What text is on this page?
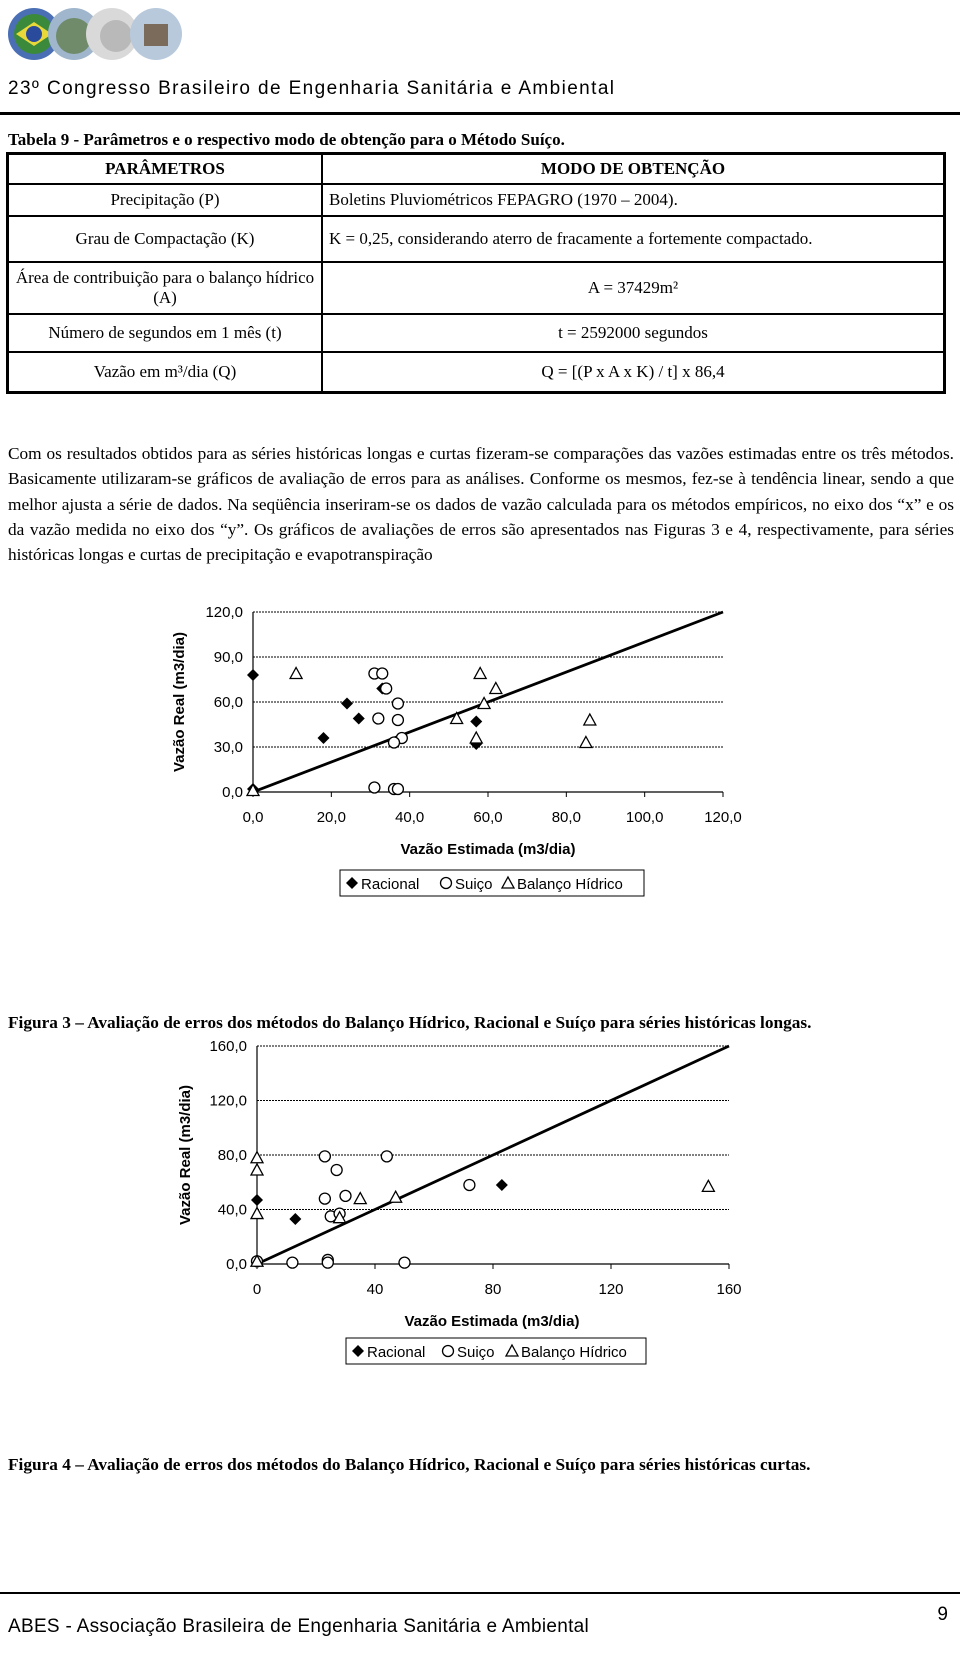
23º Congresso Brasileiro de Engenharia Sanitária e Ambiental
Tabela 9 - Parâmetros e o respectivo modo de obtenção para o Método Suíço.
PARÂMETROS	MODO DE OBTENÇÃO
Precipitação (P)	Boletins Pluviométricos FEPAGRO (1970 – 2004).
Grau de Compactação (K)	K = 0,25, considerando aterro de fracamente a fortemente compactado.
Área de contribuição para o balanço hídrico (A)	A = 37429m²
Número de segundos em 1 mês (t)	t = 2592000 segundos
Vazão em m³/dia (Q)	Q = [(P x A x K) / t] x 86,4
Com os resultados obtidos para as séries históricas longas e curtas fizeram-se comparações das vazões estimadas entre os três métodos. Basicamente utilizaram-se gráficos de avaliação de erros para as análises. Conforme os mesmos, fez-se à tendência linear, sendo a que melhor ajusta a série de dados. Na seqüência inseriram-se os dados de vazão calculada para os métodos empíricos, no eixo dos “x” e os da vazão medida no eixo dos “y”. Os gráficos de avaliações de erros são apresentados nas Figuras 3 e 4, respectivamente, para séries históricas longas e curtas de precipitação e evapotranspiração
0,0
30,0
60,0
90,0
120,0
0,0	20,0	40,0	60,0	80,0	100,0	120,0
Vazão Estimada (m3/dia)
Vazão Real (m3/dia)
Racional Suiço Balanço Hídrico
Figura 3 – Avaliação de erros dos métodos do Balanço Hídrico, Racional e Suíço para séries históricas longas.
0,0
40,0
80,0
120,0
160,0
0	40	80	120	160
Vazão Estimada (m3/dia)
Vazão Real (m3/dia)
Racional Suiço Balanço Hídrico
Figura 4 – Avaliação de erros dos métodos do Balanço Hídrico, Racional e Suíço para séries históricas curtas.
ABES - Associação Brasileira de Engenharia Sanitária e Ambiental
9
